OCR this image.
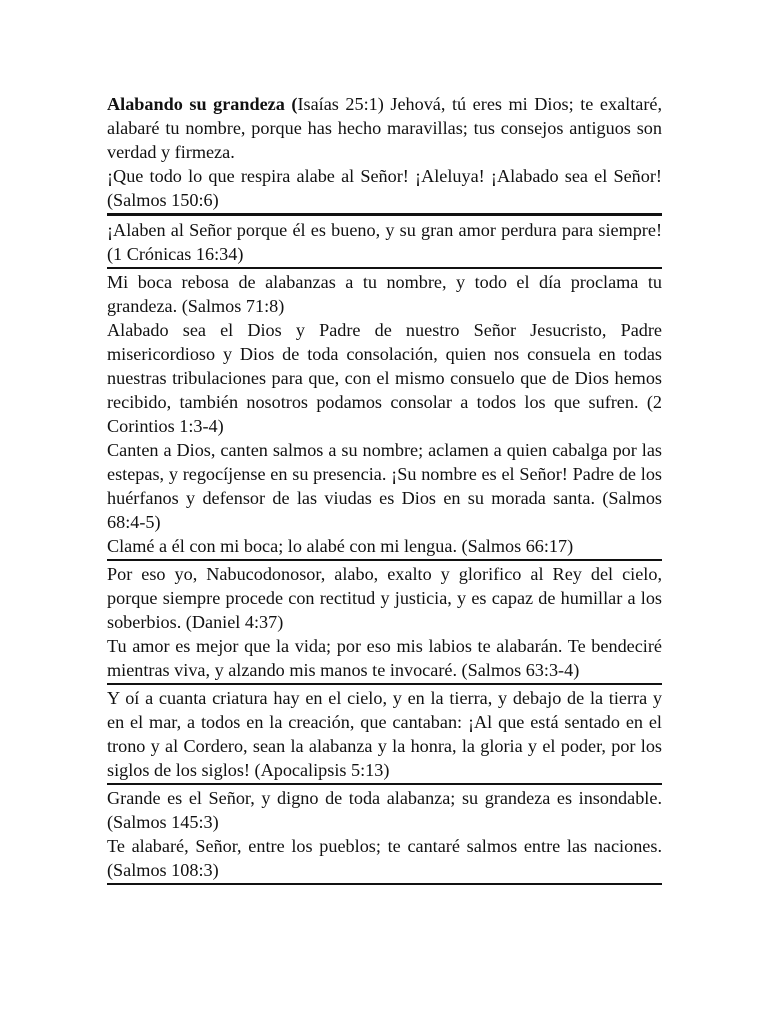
Alabando su grandeza (Isaías 25:1) Jehová, tú eres mi Dios; te exaltaré, alabaré tu nombre, porque has hecho maravillas; tus consejos antiguos son verdad y firmeza.

¡Que todo lo que respira alabe al Señor! ¡Aleluya! ¡Alabado sea el Señor! (Salmos 150:6)

¡Alaben al Señor porque él es bueno, y su gran amor perdura para siempre! (1 Crónicas 16:34)

Mi boca rebosa de alabanzas a tu nombre, y todo el día proclama tu grandeza. (Salmos 71:8)

Alabado sea el Dios y Padre de nuestro Señor Jesucristo, Padre misericordioso y Dios de toda consolación, quien nos consuela en todas nuestras tribulaciones para que, con el mismo consuelo que de Dios hemos recibido, también nosotros podamos consolar a todos los que sufren. (2 Corintios 1:3-4)

Canten a Dios, canten salmos a su nombre; aclamen a quien cabalga por las estepas, y regocíjense en su presencia. ¡Su nombre es el Señor! Padre de los huérfanos y defensor de las viudas es Dios en su morada santa. (Salmos 68:4-5)

Clamé a él con mi boca; lo alabé con mi lengua. (Salmos 66:17)

Por eso yo, Nabucodonosor, alabo, exalto y glorifico al Rey del cielo, porque siempre procede con rectitud y justicia, y es capaz de humillar a los soberbios. (Daniel 4:37)

Tu amor es mejor que la vida; por eso mis labios te alabarán. Te bendeciré mientras viva, y alzando mis manos te invocaré. (Salmos 63:3-4)

Y oí a cuanta criatura hay en el cielo, y en la tierra, y debajo de la tierra y en el mar, a todos en la creación, que cantaban: ¡Al que está sentado en el trono y al Cordero, sean la alabanza y la honra, la gloria y el poder, por los siglos de los siglos! (Apocalipsis 5:13)

Grande es el Señor, y digno de toda alabanza; su grandeza es insondable. (Salmos 145:3)

Te alabaré, Señor, entre los pueblos; te cantaré salmos entre las naciones. (Salmos 108:3)
